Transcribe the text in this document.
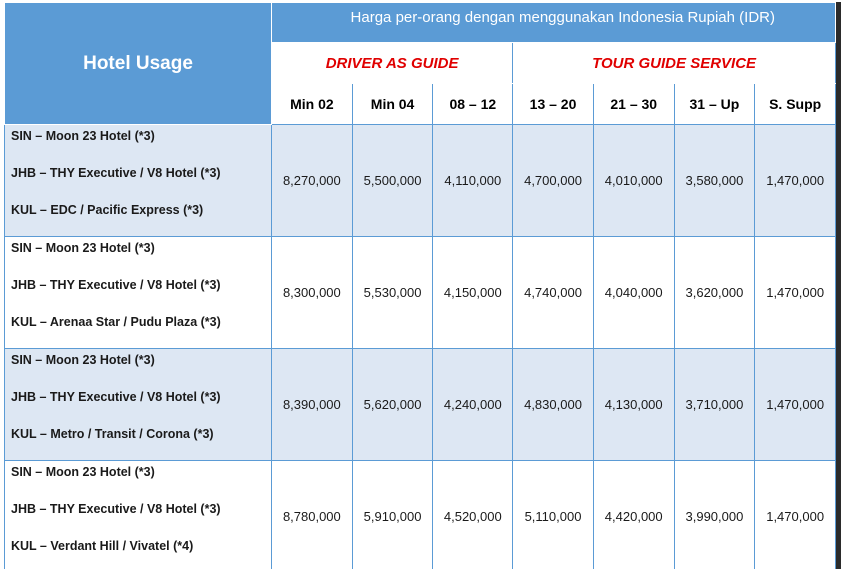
Hotel Usage	Harga per-orang dengan menggunakan Indonesia Rupiah (IDR)						
	DRIVER AS GUIDE			TOUR GUIDE SERVICE			
	Min 02	Min 04	08 – 12	13 – 20	21 – 30	31 – Up	S. Supp

SIN – Moon 23 Hotel (*3)
JHB – THY Executive / V8 Hotel (*3)
KUL – EDC / Pacific Express (*3)	8,270,000	5,500,000	4,110,000	4,700,000	4,010,000	3,580,000	1,470,000

SIN – Moon 23 Hotel (*3)
JHB – THY Executive / V8 Hotel (*3)
KUL – Arenaa Star / Pudu Plaza (*3)	8,300,000	5,530,000	4,150,000	4,740,000	4,040,000	3,620,000	1,470,000

SIN – Moon 23 Hotel (*3)
JHB – THY Executive / V8 Hotel (*3)
KUL – Metro / Transit / Corona (*3)	8,390,000	5,620,000	4,240,000	4,830,000	4,130,000	3,710,000	1,470,000

SIN – Moon 23 Hotel (*3)
JHB – THY Executive / V8 Hotel (*3)
KUL – Verdant Hill / Vivatel (*4)	8,780,000	5,910,000	4,520,000	5,110,000	4,420,000	3,990,000	1,470,000
